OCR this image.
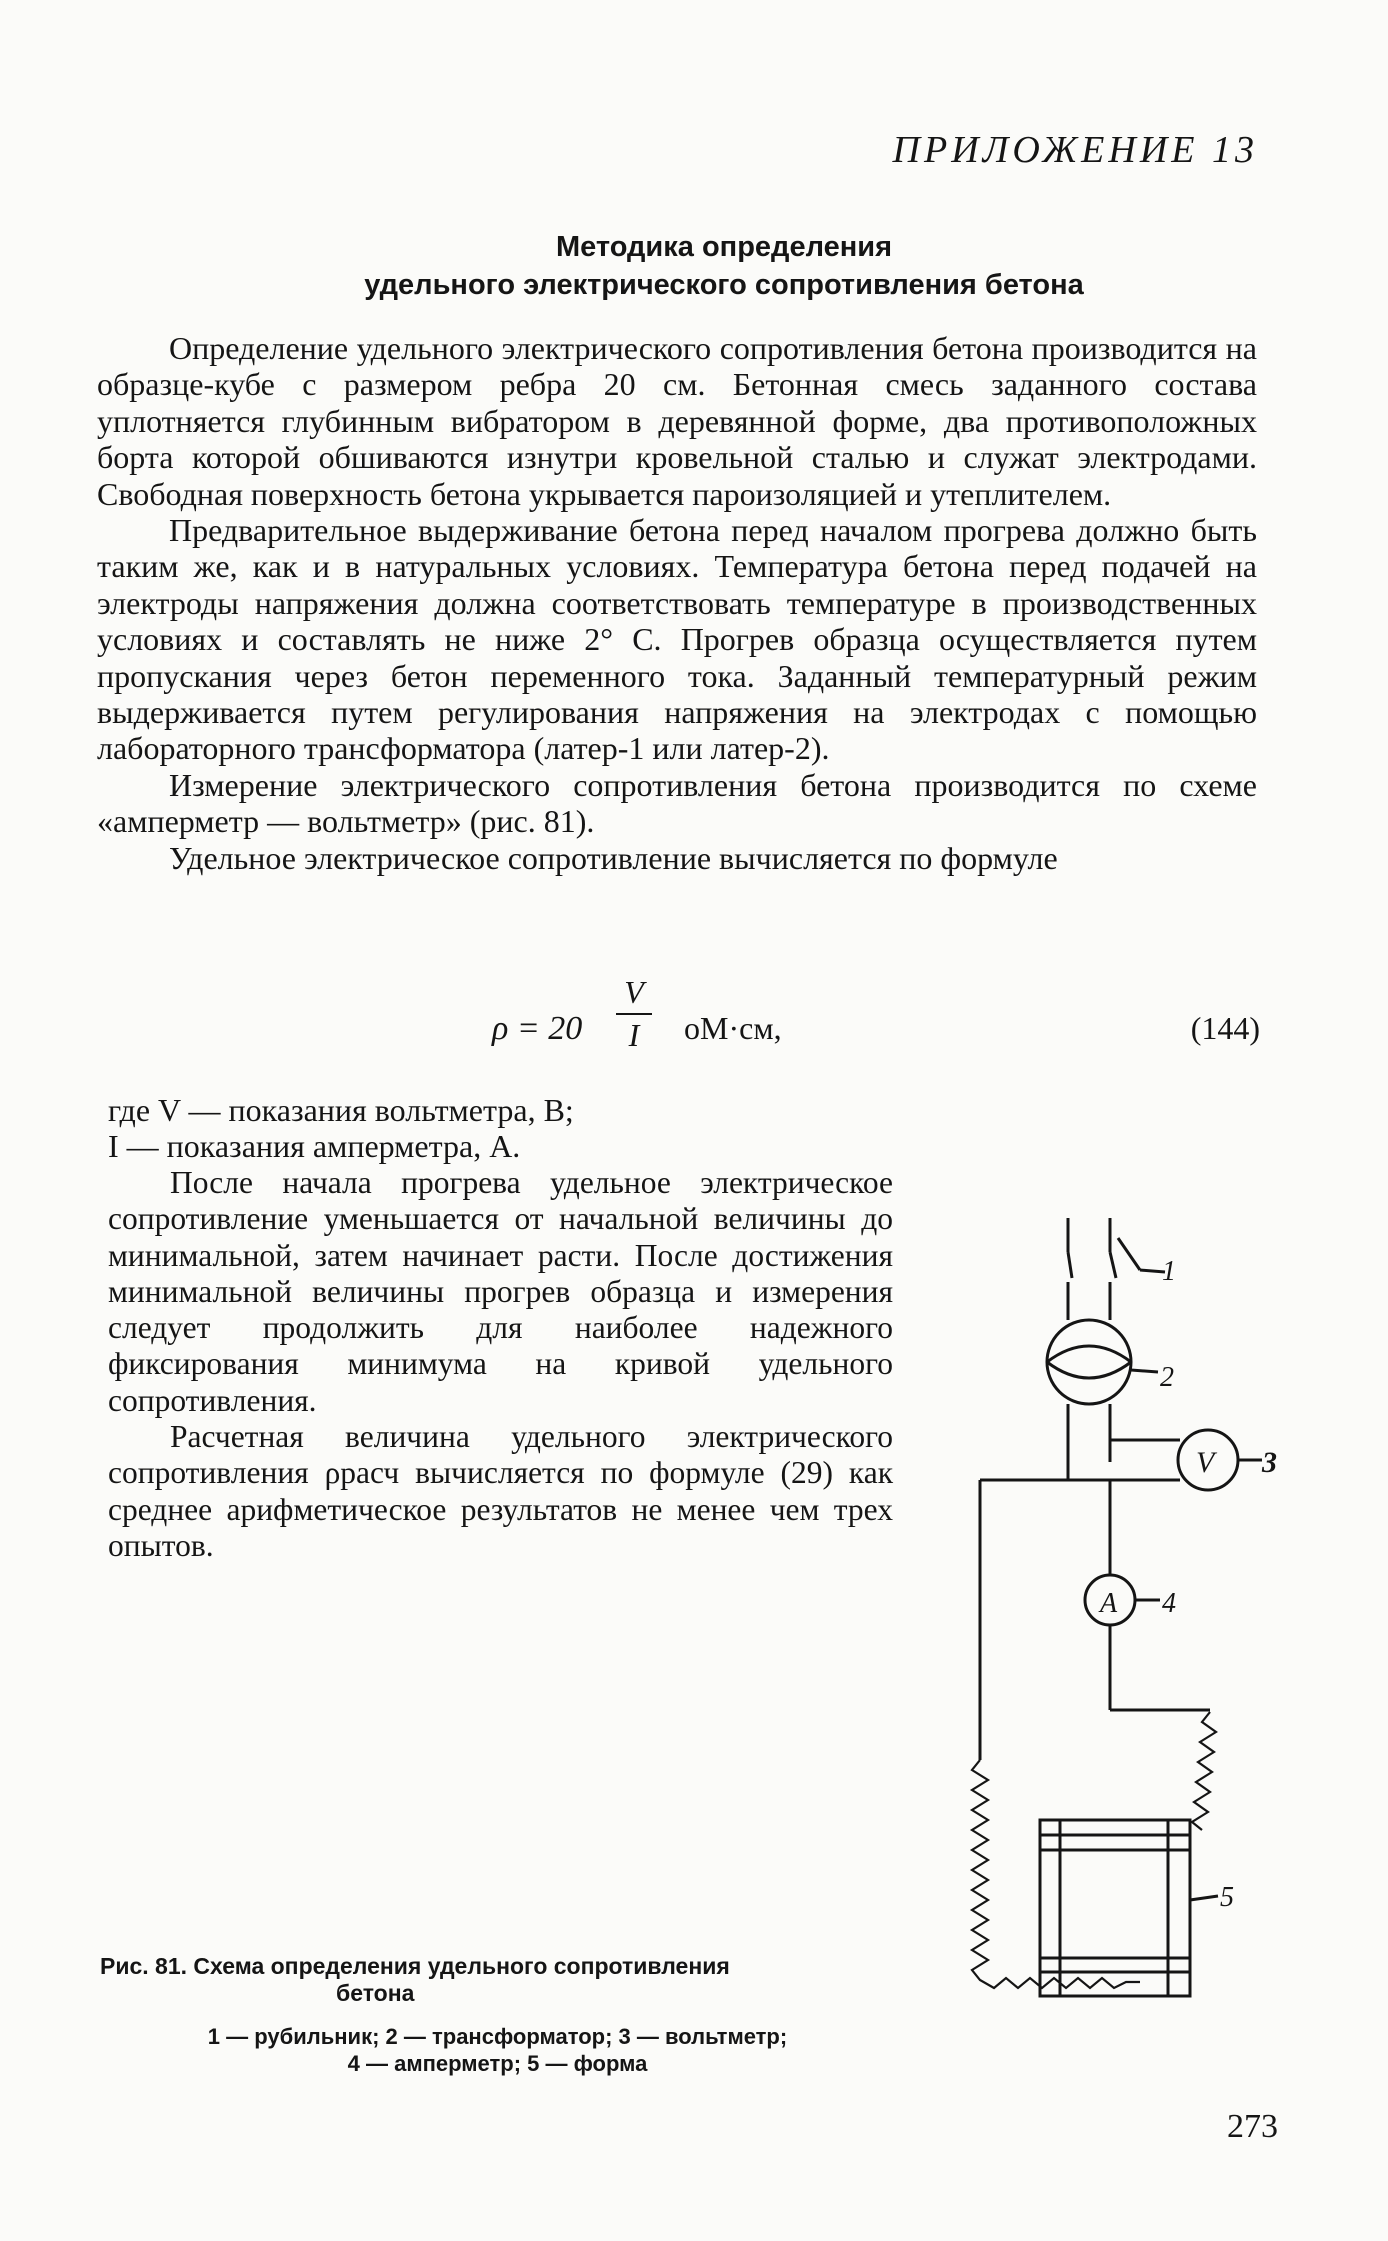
ПРИЛОЖЕНИЕ 13
Методика определения
удельного электрического сопротивления бетона

Определение удельного электрического сопротивления бетона производится на образце-кубе с размером ребра 20 см. Бетонная смесь заданного состава уплотняется глубинным вибратором в деревянной форме, два противоположных борта которой обшиваются изнутри кровельной сталью и служат электродами. Свободная поверхность бетона укрывается пароизоляцией и утеплителем.

Предварительное выдерживание бетона перед началом прогрева должно быть таким же, как и в натуральных условиях. Температура бетона перед подачей на электроды напряжения должна соответствовать температуре в производственных условиях и составлять не ниже 2° С. Прогрев образца осуществляется путем пропускания через бетон переменного тока. Заданный температурный режим выдерживается путем регулирования напряжения на электродах с помощью лабораторного трансформатора (латер-1 или латер-2).

Измерение электрического сопротивления бетона производится по схеме «амперметр — вольтметр» (рис. 81).

Удельное электрическое сопротивление вычисляется по формуле

ρ = 20
V
I	оМ·см,	(144)
где V — показания вольтметра, В;
I — показания амперметра, А.

После начала прогрева удельное электрическое сопротивление уменьшается от начальной величины до минимальной, затем начинает расти. После достижения минимальной величины прогрев образца и измерения следует продолжить для наиболее надежного фиксирования минимума на кривой удельного сопротивления.

Расчетная величина удельного электрического сопротивления ρрасч вычисляется по формуле (29) как среднее арифметическое результатов не менее чем трех опытов.

V
A
1
2
3
4
5
Рис. 81. Схема определения удельного сопротивления
бетона
1 — рубильник; 2 — трансформатор; 3 — вольтметр;
4 — амперметр; 5 — форма
273
